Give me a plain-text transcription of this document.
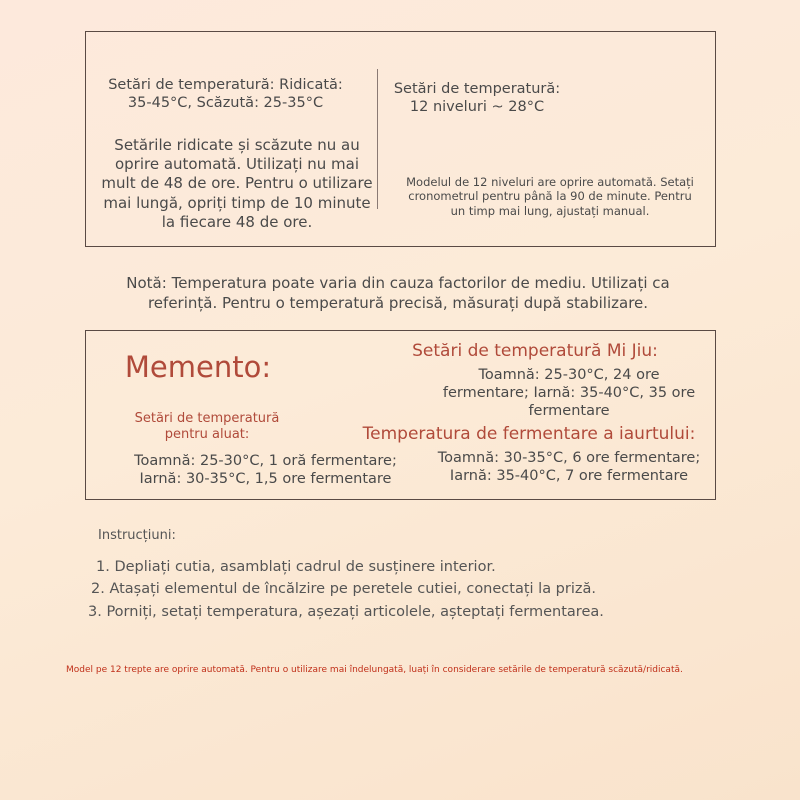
Setări de temperatură: Ridicată: 35-45°C, Scăzută: 25-35°C
Setările ridicate și scăzute nu au oprire automată. Utilizați nu mai mult de 48 de ore. Pentru o utilizare mai lungă, opriți timp de 10 minute la fiecare 48 de ore.
Setări de temperatură: 12 niveluri ~ 28°C
Modelul de 12 niveluri are oprire automată. Setați cronometrul pentru până la 90 de minute. Pentru un timp mai lung, ajustați manual.
Notă: Temperatura poate varia din cauza factorilor de mediu. Utilizați ca referință. Pentru o temperatură precisă, măsurați după stabilizare.
Memento:
Setări de temperatură pentru aluat:
Toamnă: 25-30°C, 1 oră fermentare; Iarnă: 30-35°C, 1,5 ore fermentare
Setări de temperatură Mi Jiu:
Toamnă: 25-30°C, 24 ore fermentare; Iarnă: 35-40°C, 35 ore fermentare
Temperatura de fermentare a iaurtului:
Toamnă: 30-35°C, 6 ore fermentare; Iarnă: 35-40°C, 7 ore fermentare
Instrucțiuni:
1. Depliați cutia, asamblați cadrul de susținere interior.
2. Atașați elementul de încălzire pe peretele cutiei, conectați la priză.
3. Porniți, setați temperatura, așezați articolele, așteptați fermentarea.
Model pe 12 trepte are oprire automată. Pentru o utilizare mai îndelungată, luați în considerare setările de temperatură scăzută/ridicată.
